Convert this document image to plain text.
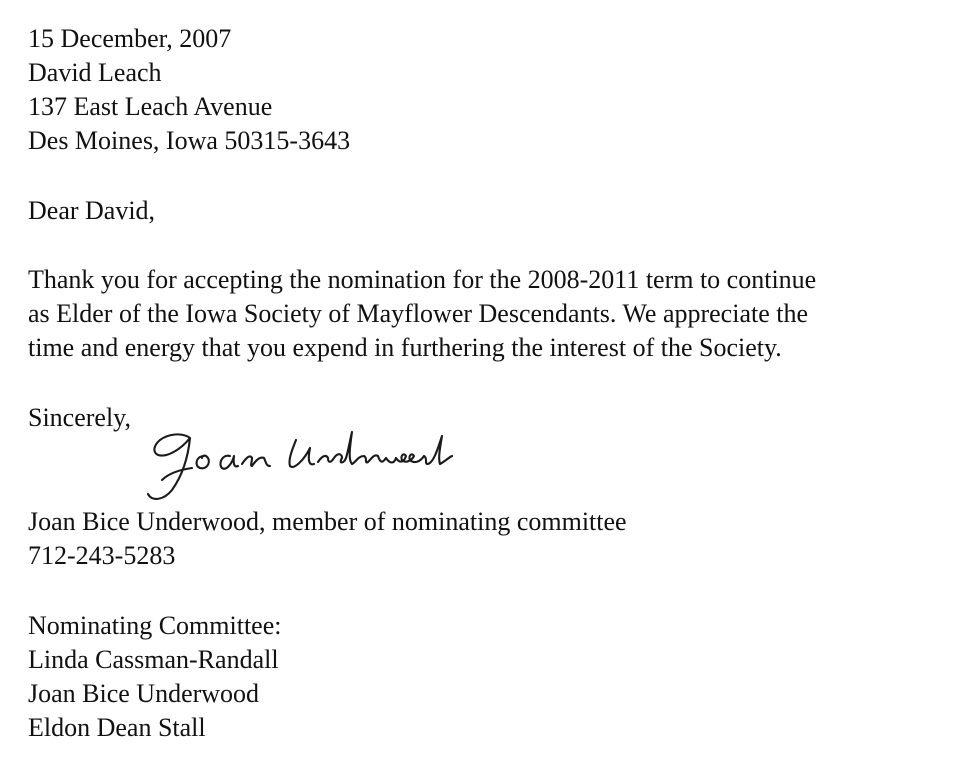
15 December, 2007
David Leach
137 East Leach Avenue
Des Moines, Iowa 50315-3643
Dear David,
Thank you for accepting the nomination for the 2008-2011 term to continue
as Elder of the Iowa Society of Mayflower Descendants. We appreciate the
time and energy that you expend in furthering the interest of the Society.
Sincerely,
Joan Bice Underwood, member of nominating committee
712-243-5283
Nominating Committee:
Linda Cassman-Randall
Joan Bice Underwood
Eldon Dean Stall
